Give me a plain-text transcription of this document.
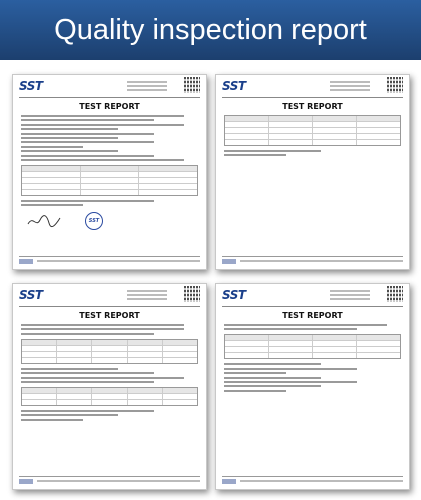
Quality inspection report
SST
TEST REPORT
SST
SST
TEST REPORT
SST
TEST REPORT
SST
TEST REPORT
